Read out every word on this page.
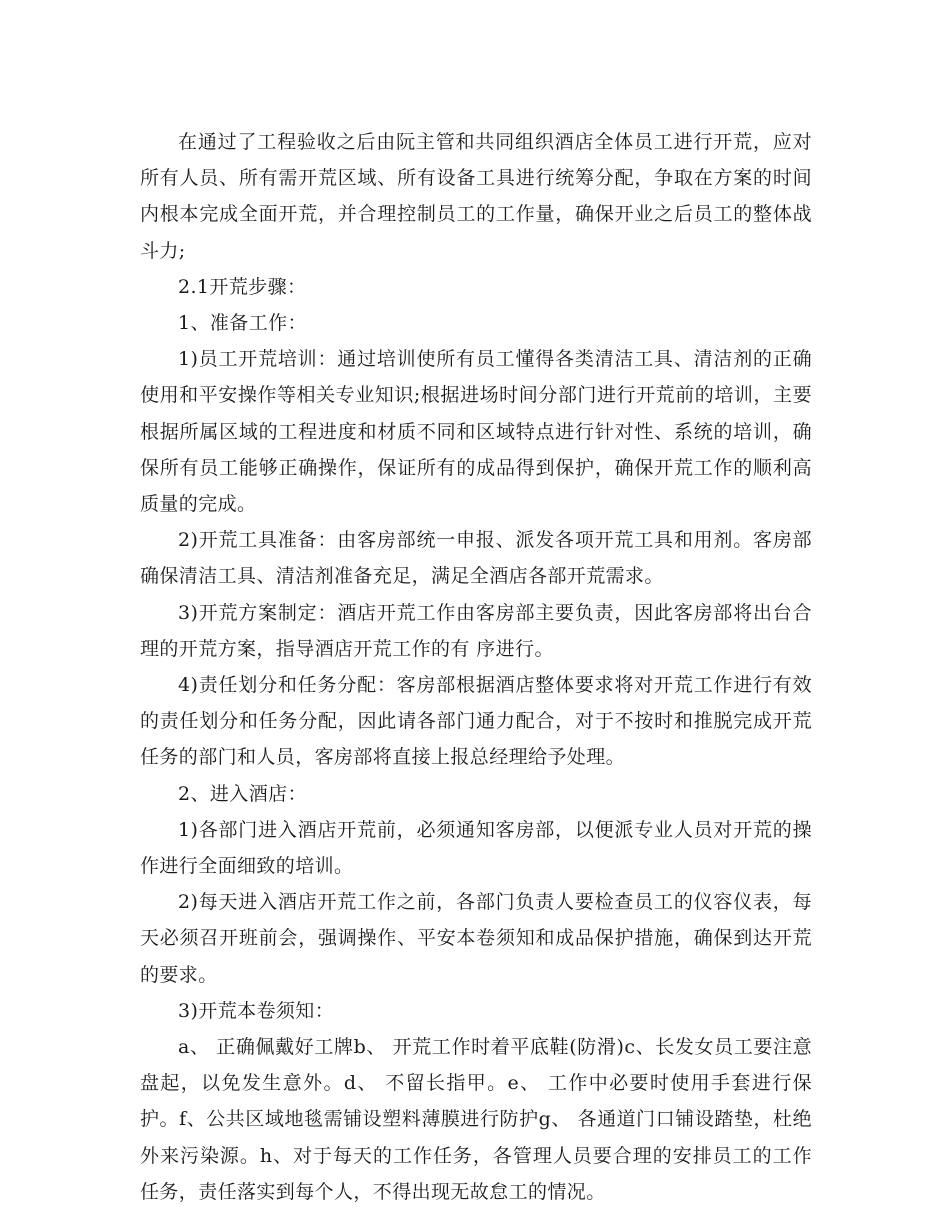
在通过了工程验收之后由阮主管和共同组织酒店全体员工进行开荒，应对所有人员、所有需开荒区域、所有设备工具进行统筹分配，争取在方案的时间内根本完成全面开荒，并合理控制员工的工作量，确保开业之后员工的整体战斗力;

2.1开荒步骤：

1、准备工作：

1)员工开荒培训：通过培训使所有员工懂得各类清洁工具、清洁剂的正确使用和平安操作等相关专业知识;根据进场时间分部门进行开荒前的培训，主要根据所属区域的工程进度和材质不同和区域特点进行针对性、系统的培训，确保所有员工能够正确操作，保证所有的成品得到保护，确保开荒工作的顺利高质量的完成。

2)开荒工具准备：由客房部统一申报、派发各项开荒工具和用剂。客房部确保清洁工具、清洁剂准备充足，满足全酒店各部开荒需求。

3)开荒方案制定：酒店开荒工作由客房部主要负责，因此客房部将出台合理的开荒方案，指导酒店开荒工作的有 序进行。

4)责任划分和任务分配：客房部根据酒店整体要求将对开荒工作进行有效的责任划分和任务分配，因此请各部门通力配合，对于不按时和推脱完成开荒任务的部门和人员，客房部将直接上报总经理给予处理。

2、进入酒店：

1)各部门进入酒店开荒前，必须通知客房部，以便派专业人员对开荒的操作进行全面细致的培训。

2)每天进入酒店开荒工作之前，各部门负责人要检查员工的仪容仪表，每天必须召开班前会，强调操作、平安本卷须知和成品保护措施，确保到达开荒的要求。

3)开荒本卷须知：

a、 正确佩戴好工牌b、 开荒工作时着平底鞋(防滑)c、长发女员工要注意盘起，以免发生意外。d、 不留长指甲。e、 工作中必要时使用手套进行保护。f、公共区域地毯需铺设塑料薄膜进行防护g、 各通道门口铺设踏垫，杜绝外来污染源。h、对于每天的工作任务，各管理人员要合理的安排员工的工作任务，责任落实到每个人，不得出现无故怠工的情况。
